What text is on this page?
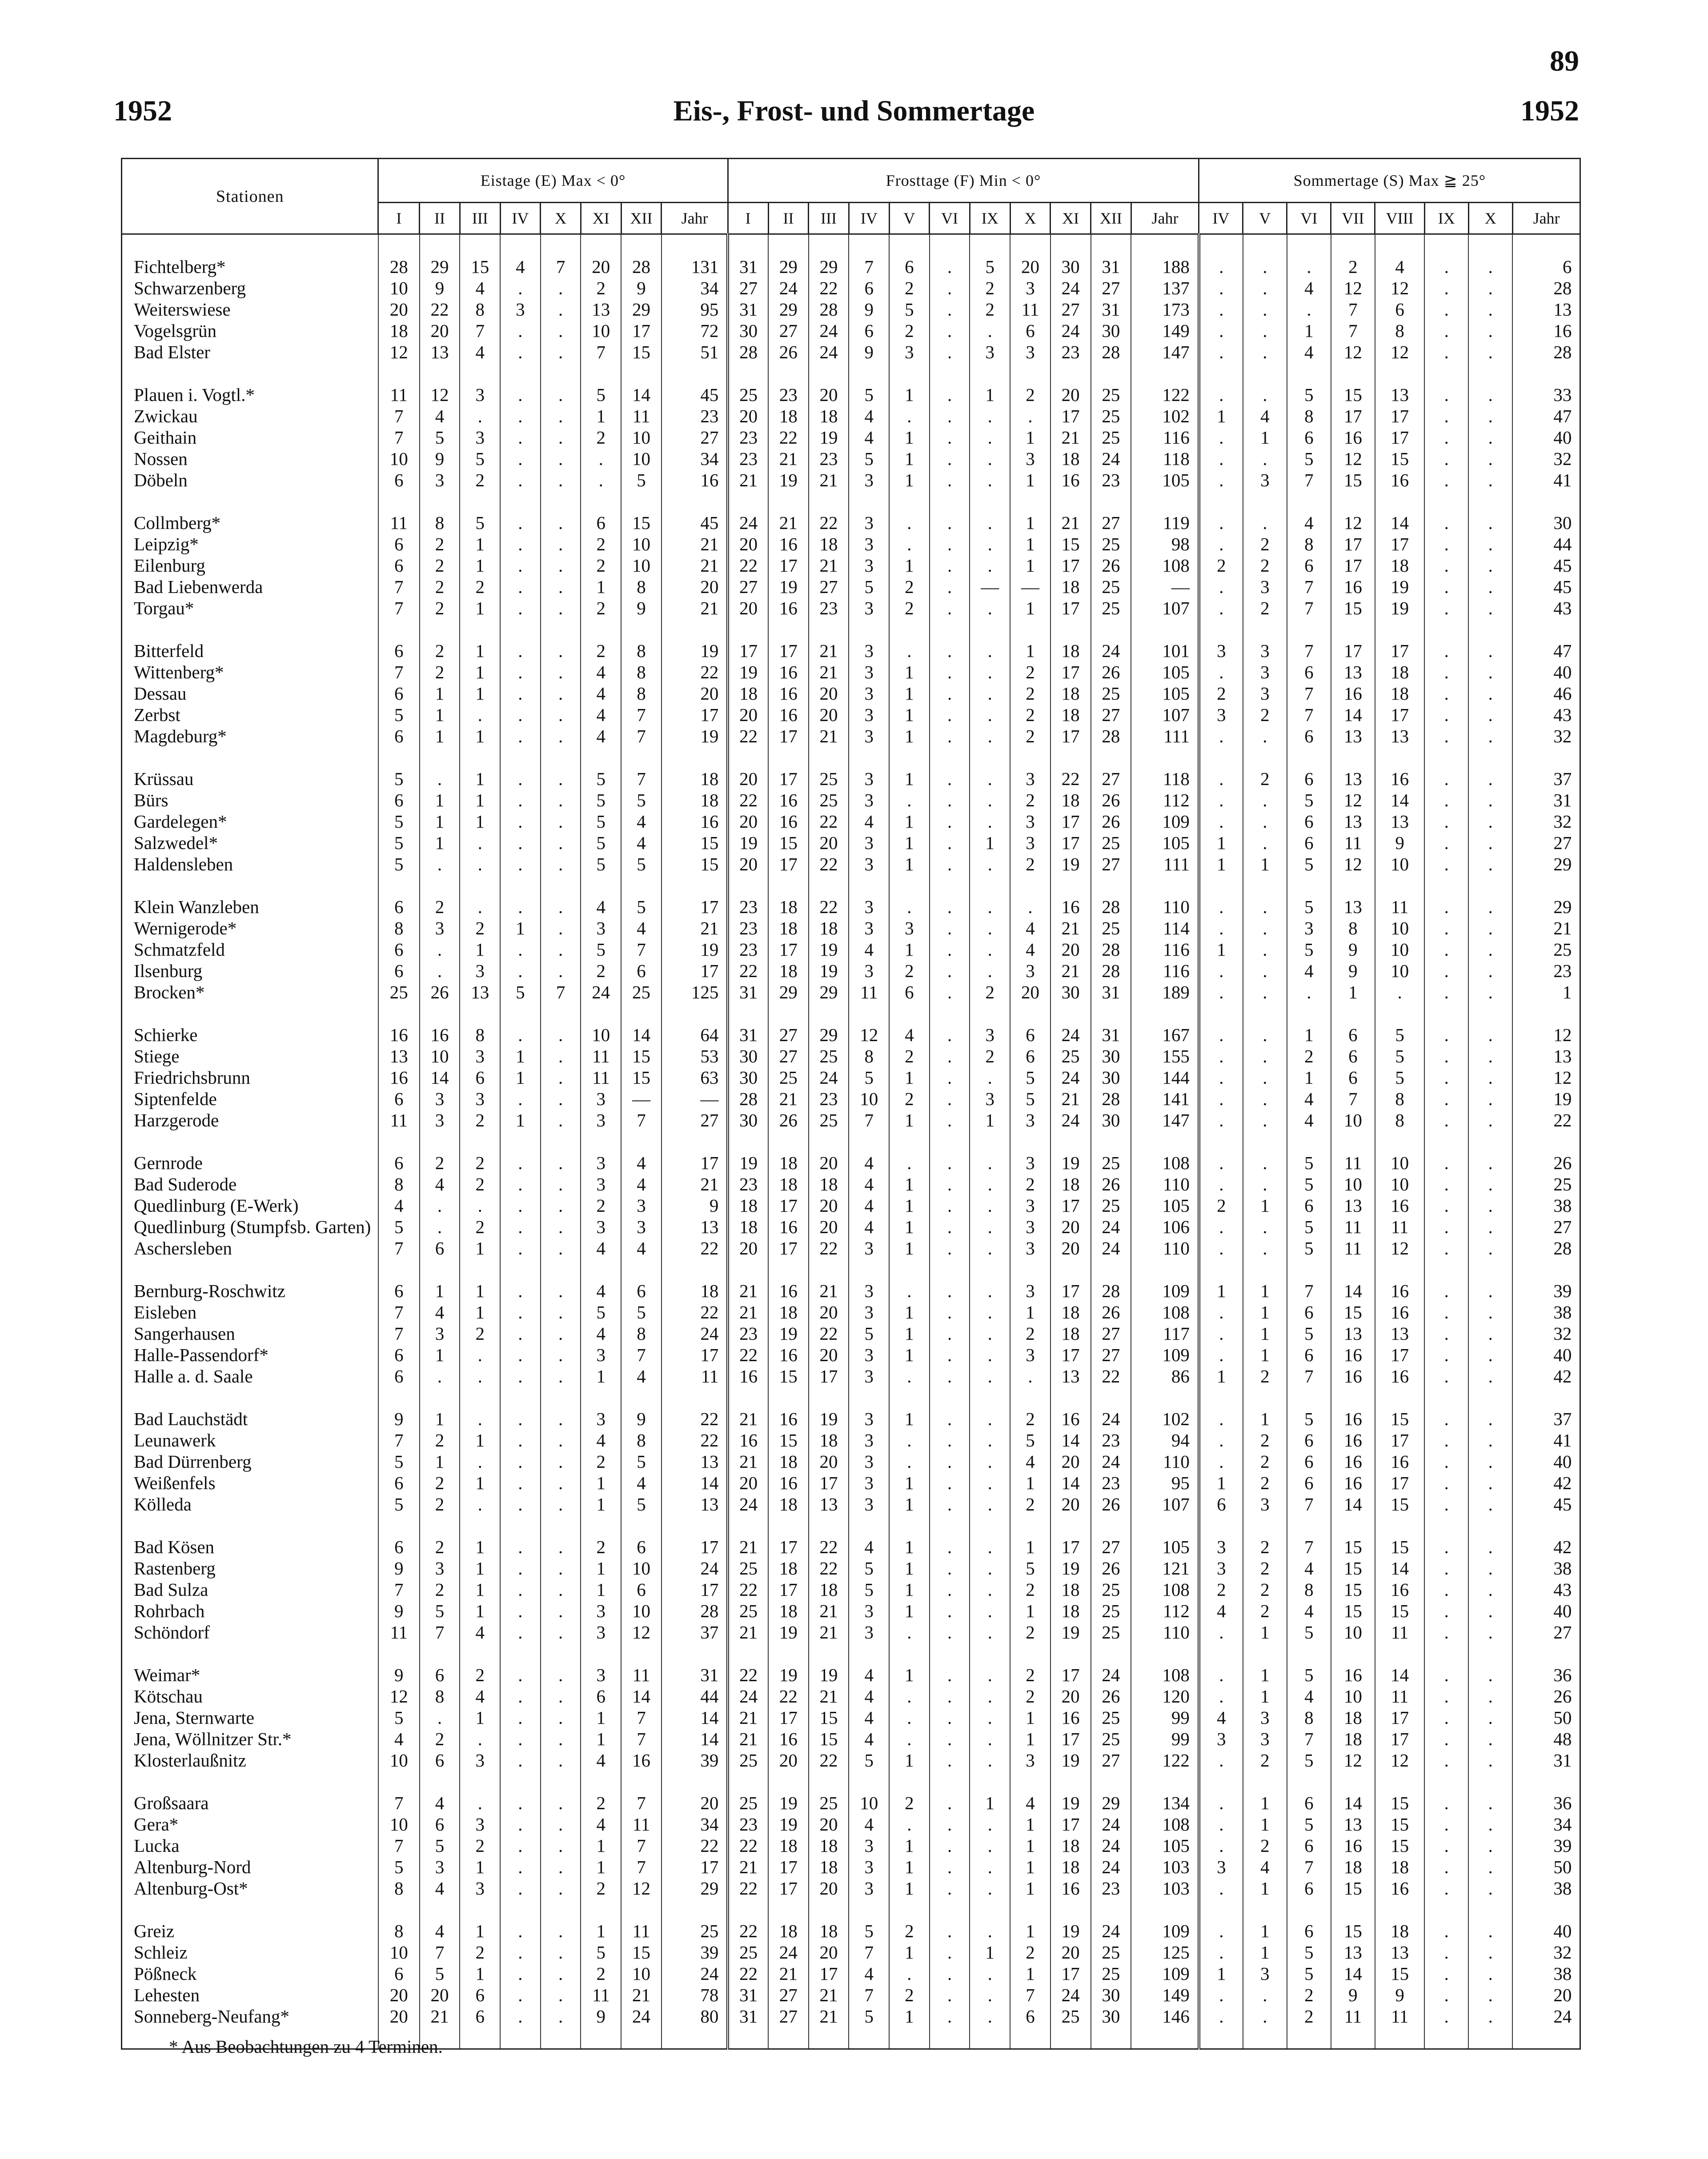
89
1952	Eis-, Frost- und Sommertage	1952
Stationen	Eistage (E) Max < 0°								Frosttage (F) Min < 0°											Sommertage (S) Max ≧ 25°							
	I	II	III	IV	X	XI	XII	Jahr	I	II	III	IV	V	VI	IX	X	XI	XII	Jahr	IV	V	VI	VII	VIII	IX	X	Jahr

Fichtelberg*	28	29	15	4	7	20	28	131	31	29	29	7	6	.	5	20	30	31	188	.	.	.	2	4	.	.	6
Schwarzenberg	10	9	4	.	.	2	9	34	27	24	22	6	2	.	2	3	24	27	137	.	.	4	12	12	.	.	28
Weiterswiese	20	22	8	3	.	13	29	95	31	29	28	9	5	.	2	11	27	31	173	.	.	.	7	6	.	.	13
Vogelsgrün	18	20	7	.	.	10	17	72	30	27	24	6	2	.	.	6	24	30	149	.	.	1	7	8	.	.	16
Bad Elster	12	13	4	.	.	7	15	51	28	26	24	9	3	.	3	3	23	28	147	.	.	4	12	12	.	.	28

Plauen i. Vogtl.*	11	12	3	.	.	5	14	45	25	23	20	5	1	.	1	2	20	25	122	.	.	5	15	13	.	.	33
Zwickau	7	4	.	.	.	1	11	23	20	18	18	4	.	.	.	.	17	25	102	1	4	8	17	17	.	.	47
Geithain	7	5	3	.	.	2	10	27	23	22	19	4	1	.	.	1	21	25	116	.	1	6	16	17	.	.	40
Nossen	10	9	5	.	.	.	10	34	23	21	23	5	1	.	.	3	18	24	118	.	.	5	12	15	.	.	32
Döbeln	6	3	2	.	.	.	5	16	21	19	21	3	1	.	.	1	16	23	105	.	3	7	15	16	.	.	41

Collmberg*	11	8	5	.	.	6	15	45	24	21	22	3	.	.	.	1	21	27	119	.	.	4	12	14	.	.	30
Leipzig*	6	2	1	.	.	2	10	21	20	16	18	3	.	.	.	1	15	25	98	.	2	8	17	17	.	.	44
Eilenburg	6	2	1	.	.	2	10	21	22	17	21	3	1	.	.	1	17	26	108	2	2	6	17	18	.	.	45
Bad Liebenwerda	7	2	2	.	.	1	8	20	27	19	27	5	2	.	—	—	18	25	—	.	3	7	16	19	.	.	45
Torgau*	7	2	1	.	.	2	9	21	20	16	23	3	2	.	.	1	17	25	107	.	2	7	15	19	.	.	43

Bitterfeld	6	2	1	.	.	2	8	19	17	17	21	3	.	.	.	1	18	24	101	3	3	7	17	17	.	.	47
Wittenberg*	7	2	1	.	.	4	8	22	19	16	21	3	1	.	.	2	17	26	105	.	3	6	13	18	.	.	40
Dessau	6	1	1	.	.	4	8	20	18	16	20	3	1	.	.	2	18	25	105	2	3	7	16	18	.	.	46
Zerbst	5	1	.	.	.	4	7	17	20	16	20	3	1	.	.	2	18	27	107	3	2	7	14	17	.	.	43
Magdeburg*	6	1	1	.	.	4	7	19	22	17	21	3	1	.	.	2	17	28	111	.	.	6	13	13	.	.	32

Krüssau	5	.	1	.	.	5	7	18	20	17	25	3	1	.	.	3	22	27	118	.	2	6	13	16	.	.	37
Bürs	6	1	1	.	.	5	5	18	22	16	25	3	.	.	.	2	18	26	112	.	.	5	12	14	.	.	31
Gardelegen*	5	1	1	.	.	5	4	16	20	16	22	4	1	.	.	3	17	26	109	.	.	6	13	13	.	.	32
Salzwedel*	5	1	.	.	.	5	4	15	19	15	20	3	1	.	1	3	17	25	105	1	.	6	11	9	.	.	27
Haldensleben	5	.	.	.	.	5	5	15	20	17	22	3	1	.	.	2	19	27	111	1	1	5	12	10	.	.	29

Klein Wanzleben	6	2	.	.	.	4	5	17	23	18	22	3	.	.	.	.	16	28	110	.	.	5	13	11	.	.	29
Wernigerode*	8	3	2	1	.	3	4	21	23	18	18	3	3	.	.	4	21	25	114	.	.	3	8	10	.	.	21
Schmatzfeld	6	.	1	.	.	5	7	19	23	17	19	4	1	.	.	4	20	28	116	1	.	5	9	10	.	.	25
Ilsenburg	6	.	3	.	.	2	6	17	22	18	19	3	2	.	.	3	21	28	116	.	.	4	9	10	.	.	23
Brocken*	25	26	13	5	7	24	25	125	31	29	29	11	6	.	2	20	30	31	189	.	.	.	1	.	.	.	1

Schierke	16	16	8	.	.	10	14	64	31	27	29	12	4	.	3	6	24	31	167	.	.	1	6	5	.	.	12
Stiege	13	10	3	1	.	11	15	53	30	27	25	8	2	.	2	6	25	30	155	.	.	2	6	5	.	.	13
Friedrichsbrunn	16	14	6	1	.	11	15	63	30	25	24	5	1	.	.	5	24	30	144	.	.	1	6	5	.	.	12
Siptenfelde	6	3	3	.	.	3	—	—	28	21	23	10	2	.	3	5	21	28	141	.	.	4	7	8	.	.	19
Harzgerode	11	3	2	1	.	3	7	27	30	26	25	7	1	.	1	3	24	30	147	.	.	4	10	8	.	.	22

Gernrode	6	2	2	.	.	3	4	17	19	18	20	4	.	.	.	3	19	25	108	.	.	5	11	10	.	.	26
Bad Suderode	8	4	2	.	.	3	4	21	23	18	18	4	1	.	.	2	18	26	110	.	.	5	10	10	.	.	25
Quedlinburg (E-Werk)	4	.	.	.	.	2	3	9	18	17	20	4	1	.	.	3	17	25	105	2	1	6	13	16	.	.	38
Quedlinburg (Stumpfsb. Garten)	5	.	2	.	.	3	3	13	18	16	20	4	1	.	.	3	20	24	106	.	.	5	11	11	.	.	27
Aschersleben	7	6	1	.	.	4	4	22	20	17	22	3	1	.	.	3	20	24	110	.	.	5	11	12	.	.	28

Bernburg-Roschwitz	6	1	1	.	.	4	6	18	21	16	21	3	.	.	.	3	17	28	109	1	1	7	14	16	.	.	39
Eisleben	7	4	1	.	.	5	5	22	21	18	20	3	1	.	.	1	18	26	108	.	1	6	15	16	.	.	38
Sangerhausen	7	3	2	.	.	4	8	24	23	19	22	5	1	.	.	2	18	27	117	.	1	5	13	13	.	.	32
Halle-Passendorf*	6	1	.	.	.	3	7	17	22	16	20	3	1	.	.	3	17	27	109	.	1	6	16	17	.	.	40
Halle a. d. Saale	6	.	.	.	.	1	4	11	16	15	17	3	.	.	.	.	13	22	86	1	2	7	16	16	.	.	42

Bad Lauchstädt	9	1	.	.	.	3	9	22	21	16	19	3	1	.	.	2	16	24	102	.	1	5	16	15	.	.	37
Leunawerk	7	2	1	.	.	4	8	22	16	15	18	3	.	.	.	5	14	23	94	.	2	6	16	17	.	.	41
Bad Dürrenberg	5	1	.	.	.	2	5	13	21	18	20	3	.	.	.	4	20	24	110	.	2	6	16	16	.	.	40
Weißenfels	6	2	1	.	.	1	4	14	20	16	17	3	1	.	.	1	14	23	95	1	2	6	16	17	.	.	42
Kölleda	5	2	.	.	.	1	5	13	24	18	13	3	1	.	.	2	20	26	107	6	3	7	14	15	.	.	45

Bad Kösen	6	2	1	.	.	2	6	17	21	17	22	4	1	.	.	1	17	27	105	3	2	7	15	15	.	.	42
Rastenberg	9	3	1	.	.	1	10	24	25	18	22	5	1	.	.	5	19	26	121	3	2	4	15	14	.	.	38
Bad Sulza	7	2	1	.	.	1	6	17	22	17	18	5	1	.	.	2	18	25	108	2	2	8	15	16	.	.	43
Rohrbach	9	5	1	.	.	3	10	28	25	18	21	3	1	.	.	1	18	25	112	4	2	4	15	15	.	.	40
Schöndorf	11	7	4	.	.	3	12	37	21	19	21	3	.	.	.	2	19	25	110	.	1	5	10	11	.	.	27

Weimar*	9	6	2	.	.	3	11	31	22	19	19	4	1	.	.	2	17	24	108	.	1	5	16	14	.	.	36
Kötschau	12	8	4	.	.	6	14	44	24	22	21	4	.	.	.	2	20	26	120	.	1	4	10	11	.	.	26
Jena, Sternwarte	5	.	1	.	.	1	7	14	21	17	15	4	.	.	.	1	16	25	99	4	3	8	18	17	.	.	50
Jena, Wöllnitzer Str.*	4	2	.	.	.	1	7	14	21	16	15	4	.	.	.	1	17	25	99	3	3	7	18	17	.	.	48
Klosterlaußnitz	10	6	3	.	.	4	16	39	25	20	22	5	1	.	.	3	19	27	122	.	2	5	12	12	.	.	31

Großsaara	7	4	.	.	.	2	7	20	25	19	25	10	2	.	1	4	19	29	134	.	1	6	14	15	.	.	36
Gera*	10	6	3	.	.	4	11	34	23	19	20	4	.	.	.	1	17	24	108	.	1	5	13	15	.	.	34
Lucka	7	5	2	.	.	1	7	22	22	18	18	3	1	.	.	1	18	24	105	.	2	6	16	15	.	.	39
Altenburg-Nord	5	3	1	.	.	1	7	17	21	17	18	3	1	.	.	1	18	24	103	3	4	7	18	18	.	.	50
Altenburg-Ost*	8	4	3	.	.	2	12	29	22	17	20	3	1	.	.	1	16	23	103	.	1	6	15	16	.	.	38

Greiz	8	4	1	.	.	1	11	25	22	18	18	5	2	.	.	1	19	24	109	.	1	6	15	18	.	.	40
Schleiz	10	7	2	.	.	5	15	39	25	24	20	7	1	.	1	2	20	25	125	.	1	5	13	13	.	.	32
Pößneck	6	5	1	.	.	2	10	24	22	21	17	4	.	.	.	1	17	25	109	1	3	5	14	15	.	.	38
Lehesten	20	20	6	.	.	11	21	78	31	27	21	7	2	.	.	7	24	30	149	.	.	2	9	9	.	.	20
Sonneberg-Neufang*	20	21	6	.	.	9	24	80	31	27	21	5	1	.	.	6	25	30	146	.	.	2	11	11	.	.	24

* Aus Beobachtungen zu 4 Terminen.
